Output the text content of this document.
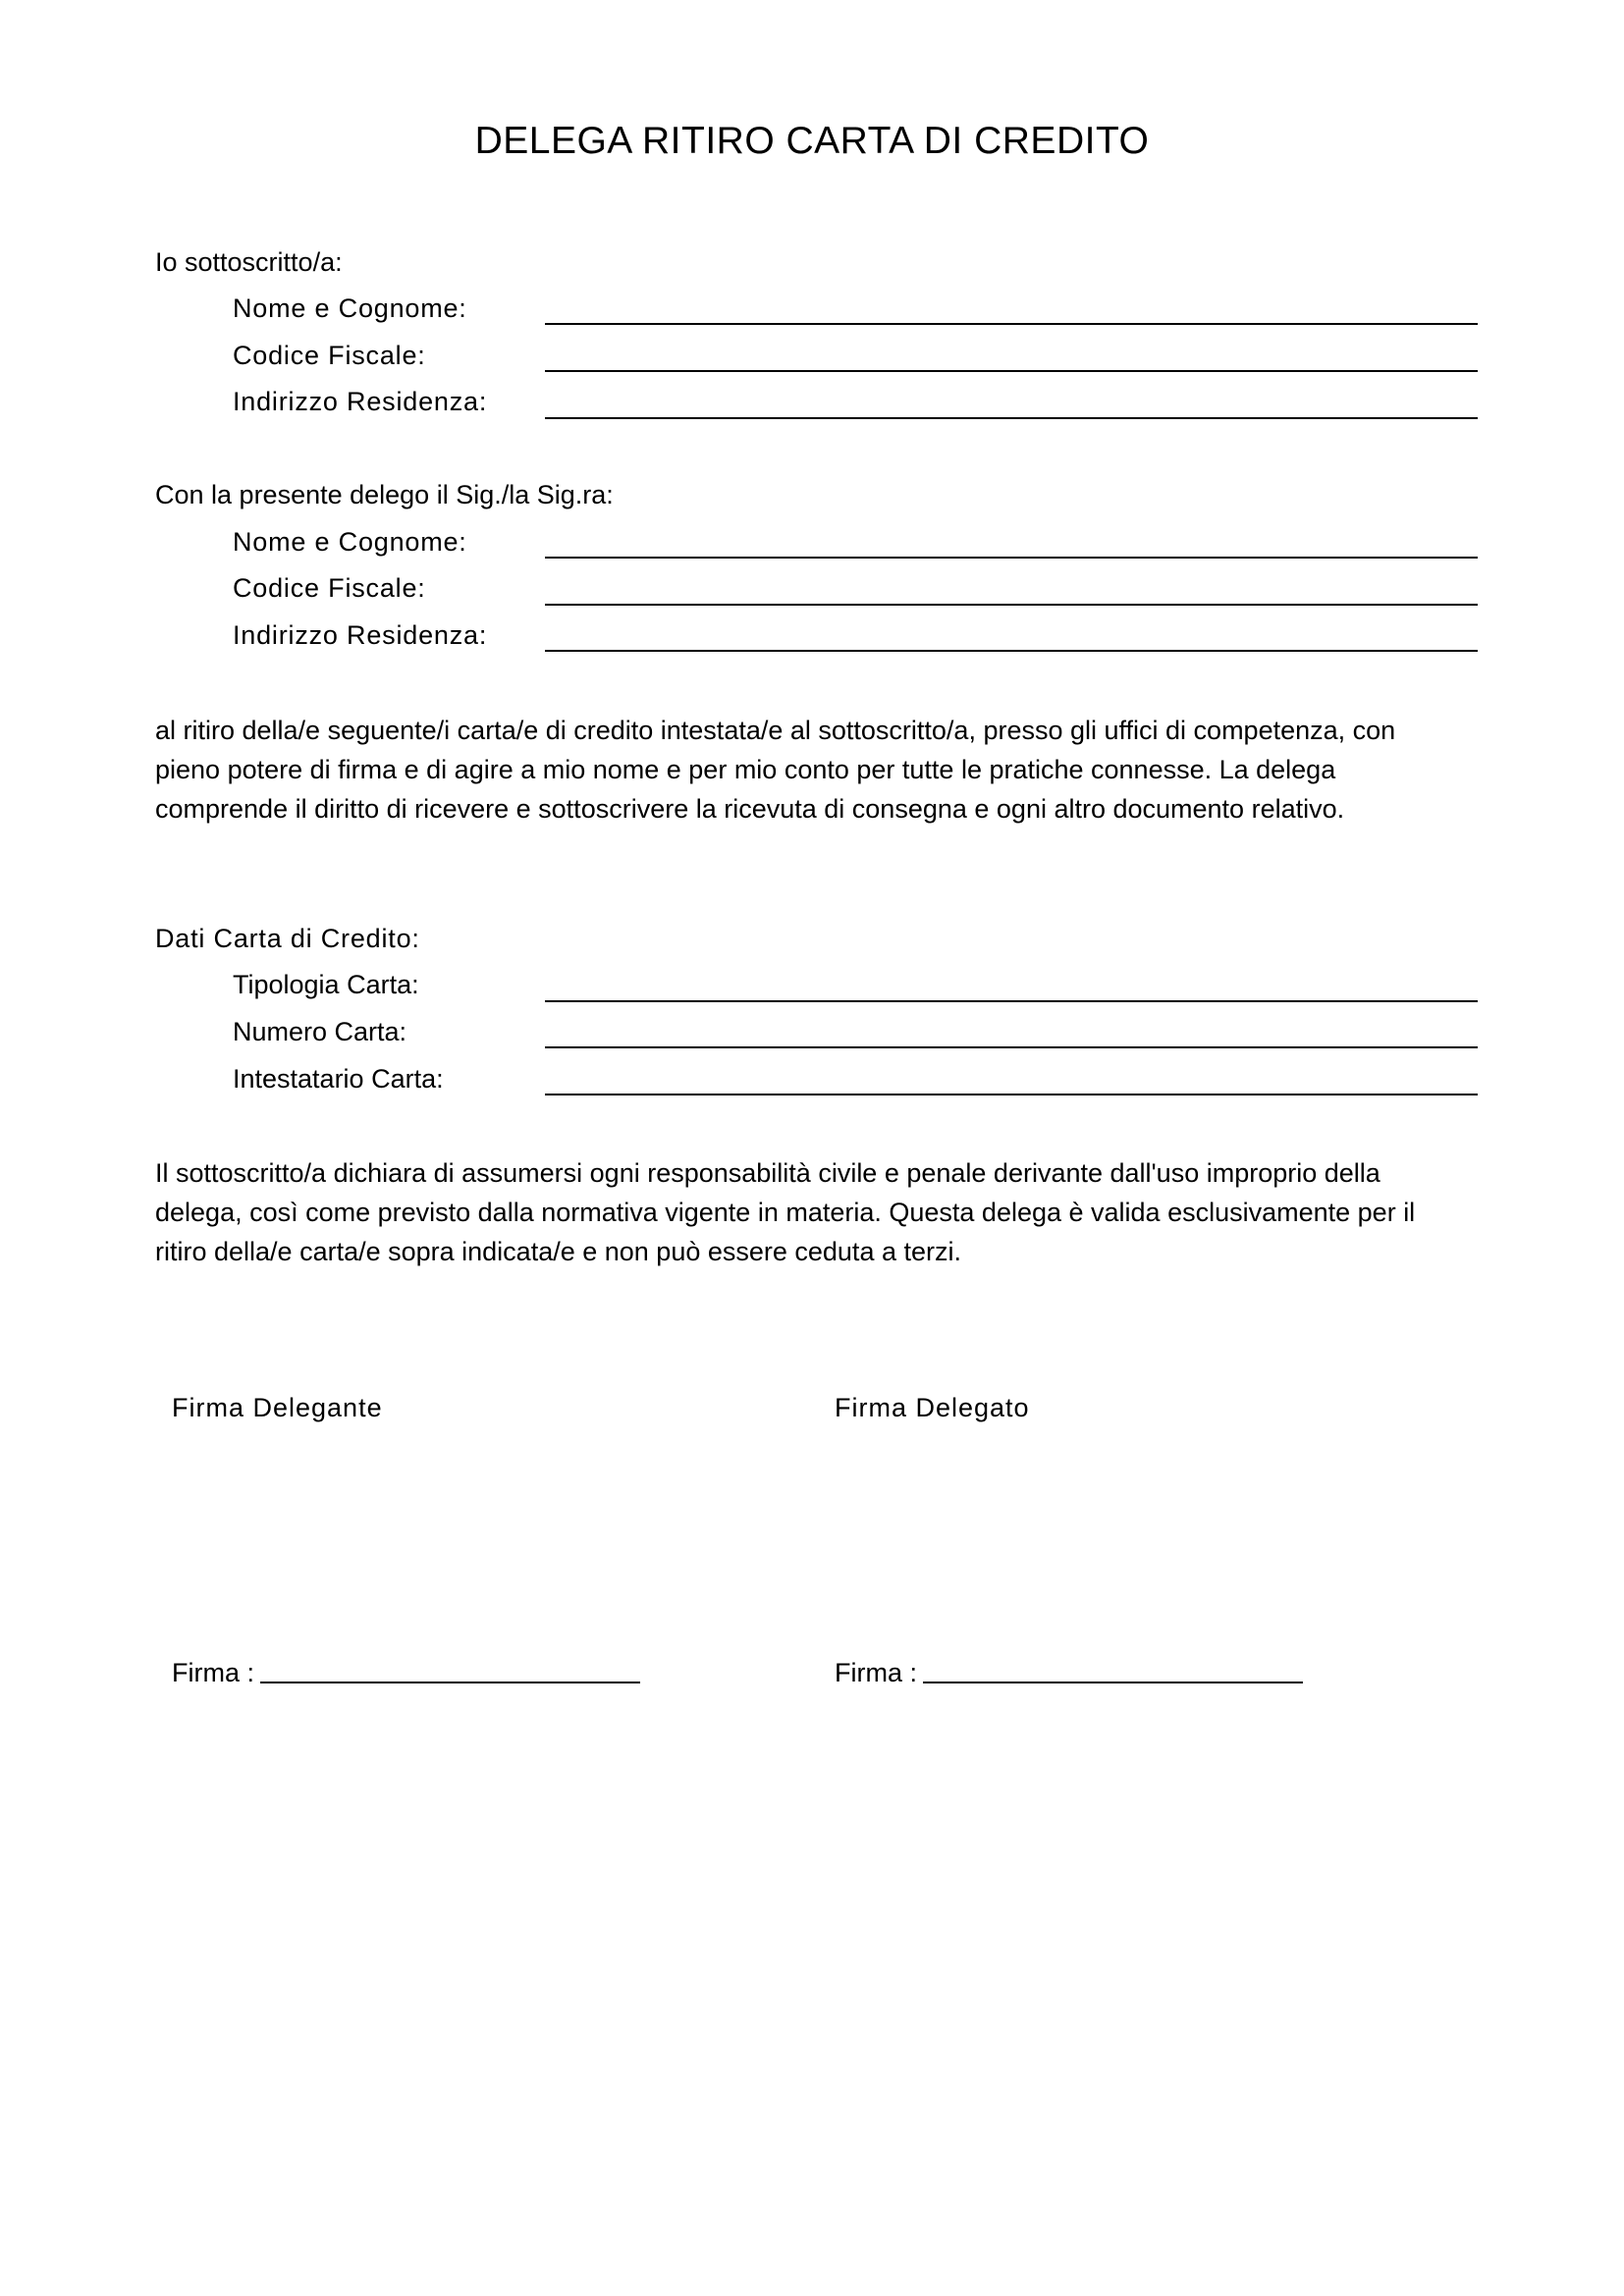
DELEGA RITIRO CARTA DI CREDITO
Io sottoscritto/a:
Nome e Cognome:
Codice Fiscale:
Indirizzo Residenza:
Con la presente delego il Sig./la Sig.ra:
Nome e Cognome:
Codice Fiscale:
Indirizzo Residenza:
al ritiro della/e seguente/i carta/e di credito intestata/e al sottoscritto/a, presso gli uffici di competenza, con
pieno potere di firma e di agire a mio nome e per mio conto per tutte le pratiche connesse. La delega
comprende il diritto di ricevere e sottoscrivere la ricevuta di consegna e ogni altro documento relativo.
Dati Carta di Credito:
Tipologia Carta:
Numero Carta:
Intestatario Carta:
Il sottoscritto/a dichiara di assumersi ogni responsabilità civile e penale derivante dall'uso improprio della
delega, così come previsto dalla normativa vigente in materia. Questa delega è valida esclusivamente per il
ritiro della/e carta/e sopra indicata/e e non può essere ceduta a terzi.
Firma Delegante	Firma Delegato
Firma :	Firma :
